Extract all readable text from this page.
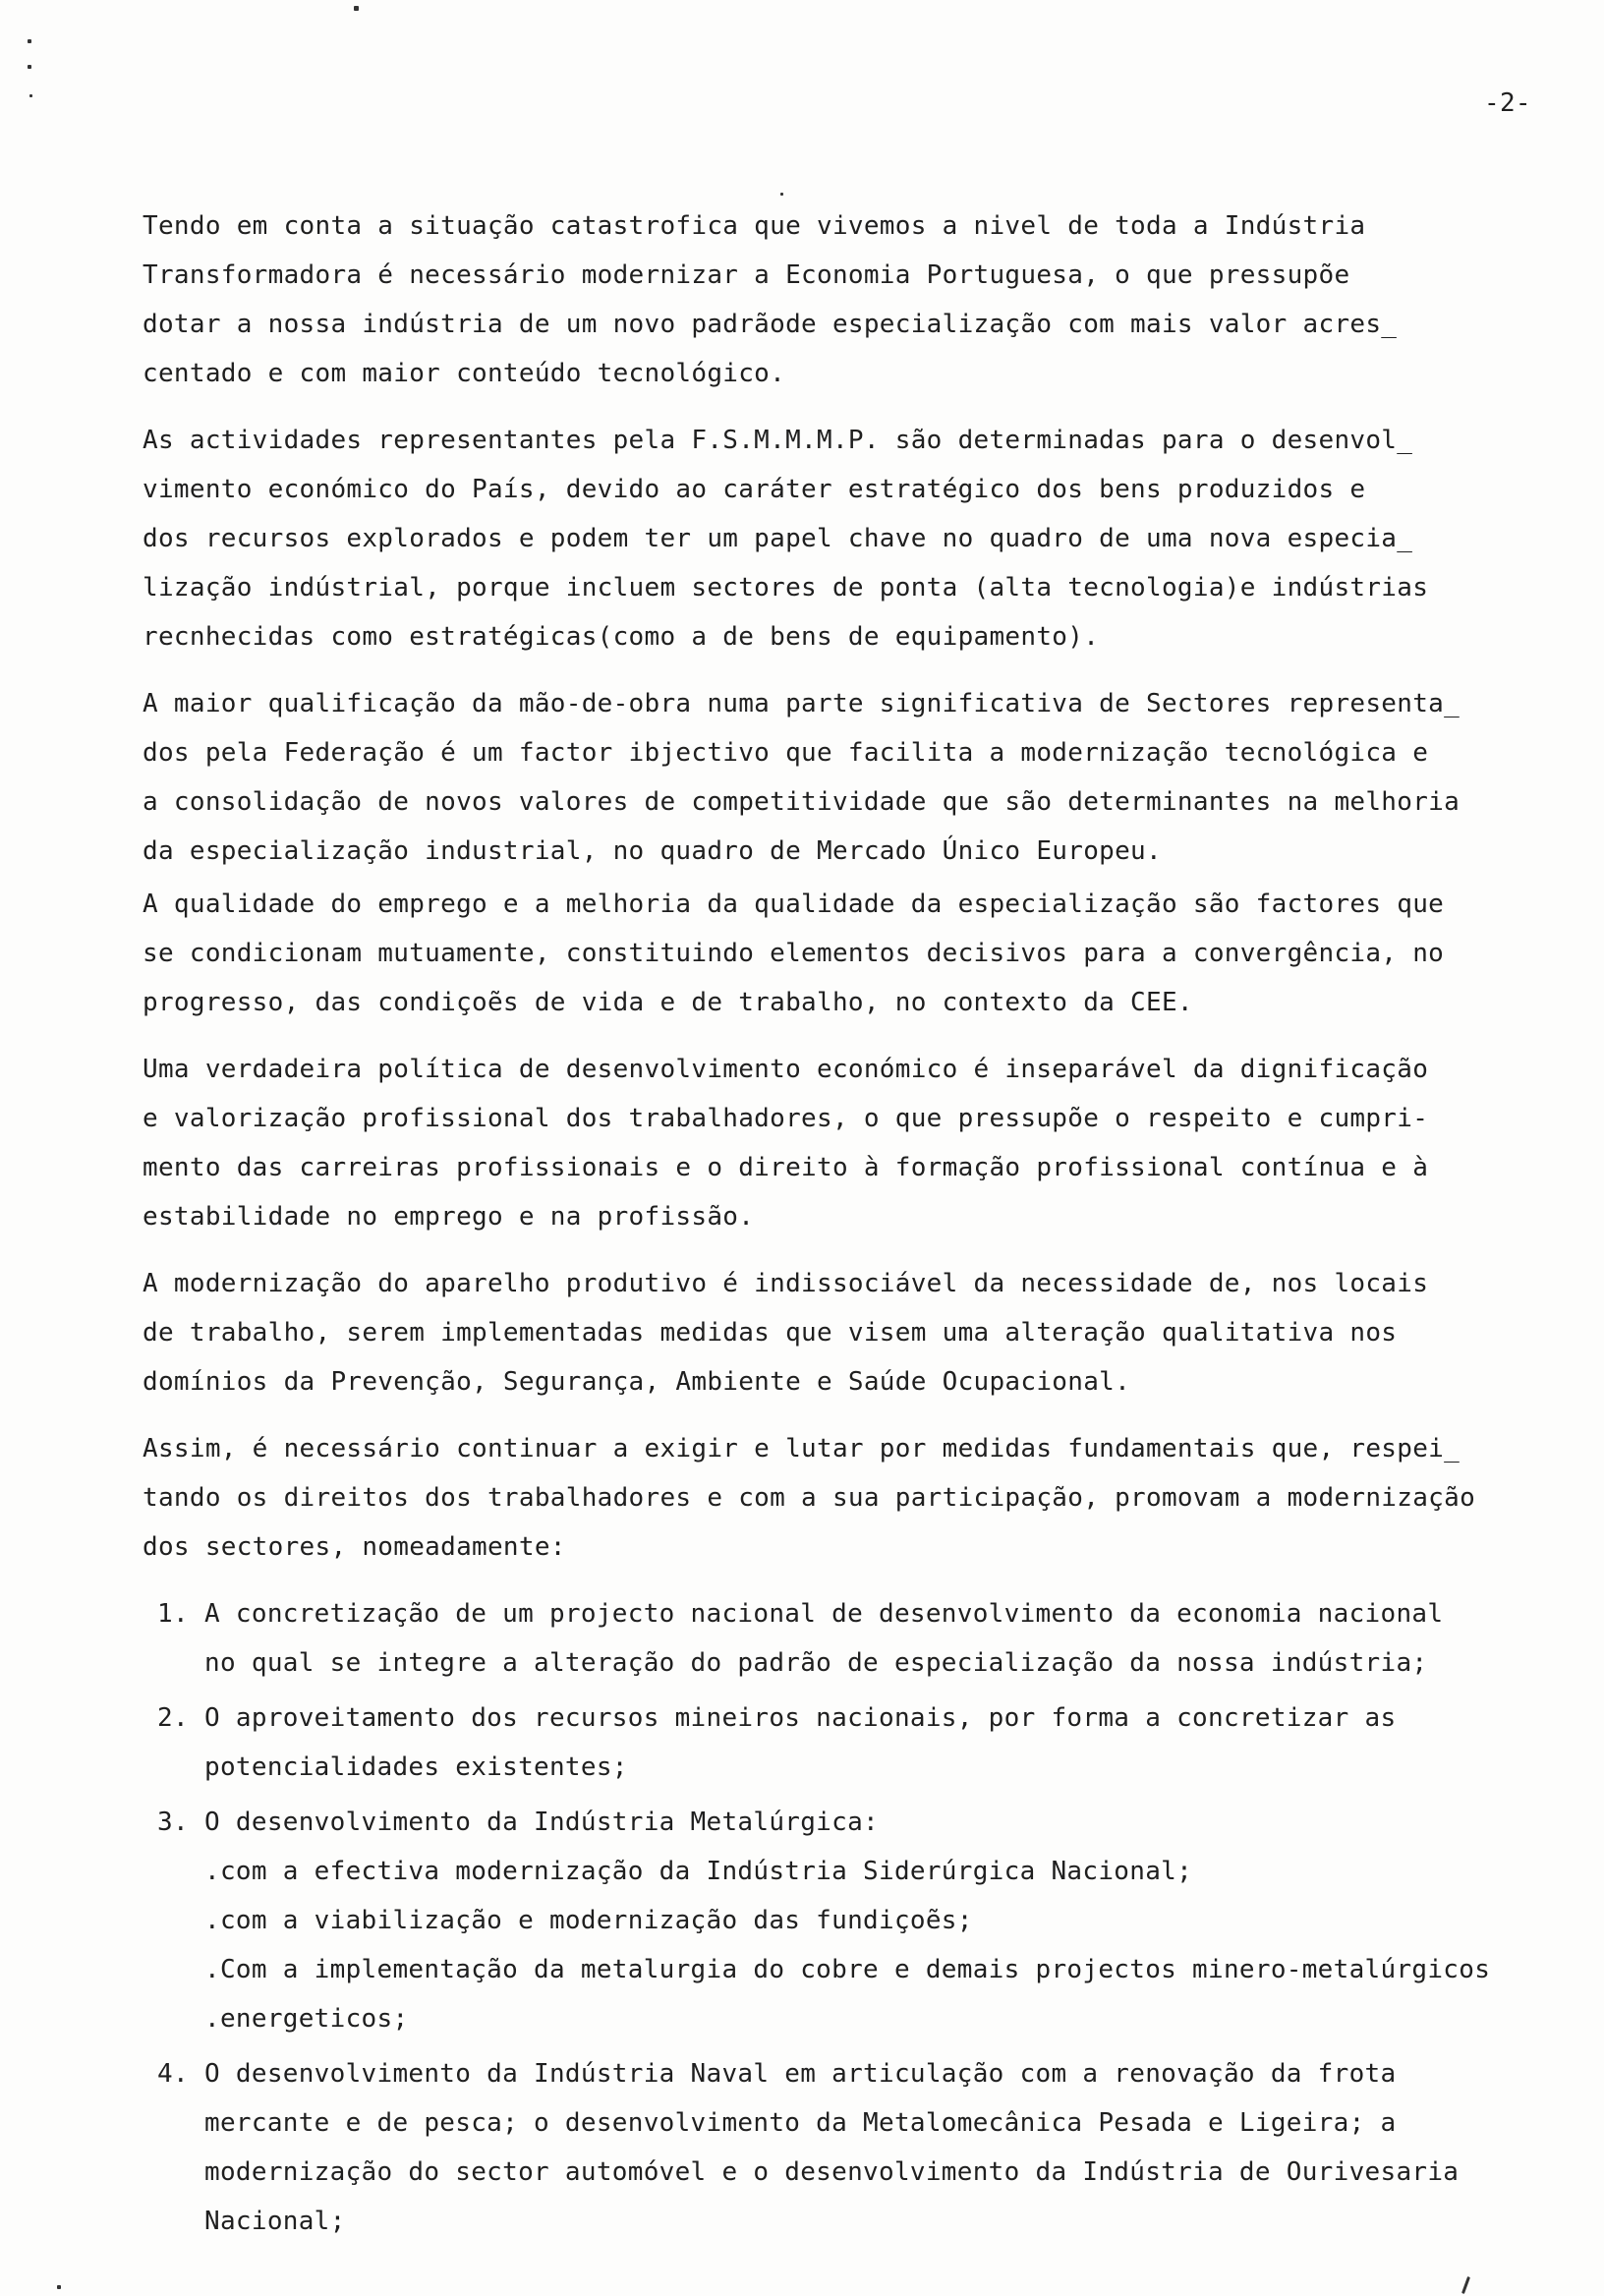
-2-

Tendo em conta a situação catastrofica que vivemos a nivel de toda a Indústria
Transformadora é necessário modernizar a Economia Portuguesa, o que pressupõe
dotar a nossa indústria de um novo padrãode especialização com mais valor acres_
centado e com maior conteúdo tecnológico.

As actividades representantes pela F.S.M.M.M.P. são determinadas para o desenvol_
vimento económico do País, devido ao caráter estratégico dos bens produzidos e
dos recursos explorados e podem ter um papel chave no quadro de uma nova especia_
lização indústrial, porque incluem sectores de ponta (alta tecnologia)e indústrias
recnhecidas como estratégicas(como a de bens de equipamento).

A maior qualificação da mão-de-obra numa parte significativa de Sectores representa_
dos pela Federação é um factor ibjectivo que facilita a modernização tecnológica e
a consolidação de novos valores de competitividade que são determinantes na melhoria
da especialização industrial, no quadro de Mercado Único Europeu.

A qualidade do emprego e a melhoria da qualidade da especialização são factores que
se condicionam mutuamente, constituindo elementos decisivos para a convergência, no
progresso, das condiçoẽs de vida e de trabalho, no contexto da CEE.

Uma verdadeira política de desenvolvimento económico é inseparável da dignificação
e valorização profissional dos trabalhadores, o que pressupõe o respeito e cumpri-
mento das carreiras profissionais e o direito à formação profissional contínua e à
estabilidade no emprego e na profissão.

A modernização do aparelho produtivo é indissociável da necessidade de, nos locais
de trabalho, serem implementadas medidas que visem uma alteração qualitativa nos
domínios da Prevenção, Segurança, Ambiente e Saúde Ocupacional.

Assim, é necessário continuar a exigir e lutar por medidas fundamentais que, respei_
tando os direitos dos trabalhadores e com a sua participação, promovam a modernização
dos sectores, nomeadamente:

1. A concretização de um projecto nacional de desenvolvimento da economia nacional
no qual se integre a alteração do padrão de especialização da nossa indústria;
2. O aproveitamento dos recursos mineiros nacionais, por forma a concretizar as
potencialidades existentes;
3. O desenvolvimento da Indústria Metalúrgica:
.com a efectiva modernização da Indústria Siderúrgica Nacional;
.com a viabilização e modernização das fundiçoẽs;
.Com a implementação da metalurgia do cobre e demais projectos minero-metalúrgicos
.energeticos;
4. O desenvolvimento da Indústria Naval em articulação com a renovação da frota
mercante e de pesca; o desenvolvimento da Metalomecânica Pesada e Ligeira; a
modernização do sector automóvel e o desenvolvimento da Indústria de Ourivesaria
Nacional;
